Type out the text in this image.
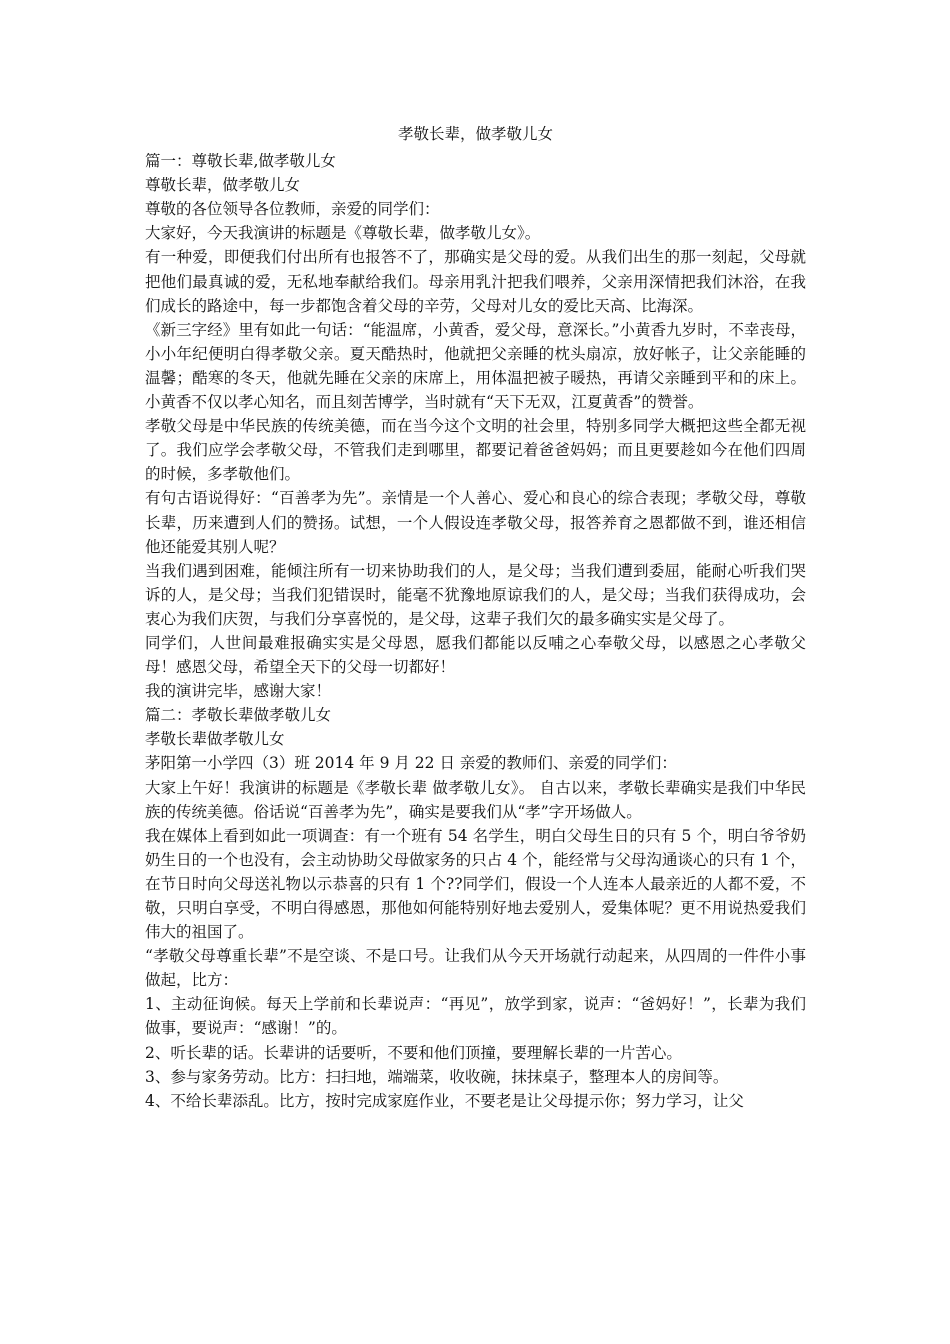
孝敬长辈，做孝敬儿女

篇一：尊敬长辈,做孝敬儿女

尊敬长辈，做孝敬儿女

尊敬的各位领导各位教师，亲爱的同学们：

大家好，今天我演讲的标题是《尊敬长辈，做孝敬儿女》。

有一种爱，即便我们付出所有也报答不了，那确实是父母的爱。从我们出生的那一刻起，父母就把他们最真诚的爱，无私地奉献给我们。母亲用乳汁把我们喂养，父亲用深情把我们沐浴，在我们成长的路途中，每一步都饱含着父母的辛劳，父母对儿女的爱比天高、比海深。

《新三字经》里有如此一句话：“能温席，小黄香，爱父母，意深长。”小黄香九岁时，不幸丧母，小小年纪便明白得孝敬父亲。夏天酷热时，他就把父亲睡的枕头扇凉，放好帐子，让父亲能睡的温馨；酷寒的冬天，他就先睡在父亲的床席上，用体温把被子暖热，再请父亲睡到平和的床上。小黄香不仅以孝心知名，而且刻苦博学，当时就有“天下无双，江夏黄香”的赞誉。

孝敬父母是中华民族的传统美德，而在当今这个文明的社会里，特别多同学大概把这些全都无视了。我们应学会孝敬父母，不管我们走到哪里，都要记着爸爸妈妈；而且更要趁如今在他们四周的时候，多孝敬他们。

有句古语说得好：“百善孝为先”。亲情是一个人善心、爱心和良心的综合表现；孝敬父母，尊敬长辈，历来遭到人们的赞扬。试想，一个人假设连孝敬父母，报答养育之恩都做不到，谁还相信他还能爱其别人呢？

当我们遇到困难，能倾注所有一切来协助我们的人，是父母；当我们遭到委屈，能耐心听我们哭诉的人，是父母；当我们犯错误时，能毫不犹豫地原谅我们的人，是父母；当我们获得成功，会衷心为我们庆贺，与我们分享喜悦的，是父母，这辈子我们欠的最多确实实是父母了。

同学们，人世间最难报确实实是父母恩，愿我们都能以反哺之心奉敬父母，以感恩之心孝敬父母！感恩父母，希望全天下的父母一切都好！

我的演讲完毕，感谢大家！

篇二：孝敬长辈做孝敬儿女

孝敬长辈做孝敬儿女

茅阳第一小学四（3）班 2014 年 9 月 22 日 亲爱的教师们、亲爱的同学们：

大家上午好！我演讲的标题是《孝敬长辈 做孝敬儿女》。 自古以来，孝敬长辈确实是我们中华民族的传统美德。俗话说“百善孝为先”，确实是要我们从“孝”字开场做人。

我在媒体上看到如此一项调查：有一个班有 54 名学生，明白父母生日的只有 5 个，明白爷爷奶奶生日的一个也没有，会主动协助父母做家务的只占 4 个，能经常与父母沟通谈心的只有 1 个，在节日时向父母送礼物以示恭喜的只有 1 个??同学们，假设一个人连本人最亲近的人都不爱，不敬，只明白享受，不明白得感恩，那他如何能特别好地去爱别人，爱集体呢？更不用说热爱我们伟大的祖国了。

“孝敬父母尊重长辈”不是空谈、不是口号。让我们从今天开场就行动起来，从四周的一件件小事做起，比方：

1、主动征询候。每天上学前和长辈说声：“再见”，放学到家，说声：“爸妈好！”，长辈为我们做事，要说声：“感谢！”的。

2、听长辈的话。长辈讲的话要听，不要和他们顶撞，要理解长辈的一片苦心。

3、参与家务劳动。比方：扫扫地，端端菜，收收碗，抹抹桌子，整理本人的房间等。

4、不给长辈添乱。比方，按时完成家庭作业，不要老是让父母提示你；努力学习，让父
